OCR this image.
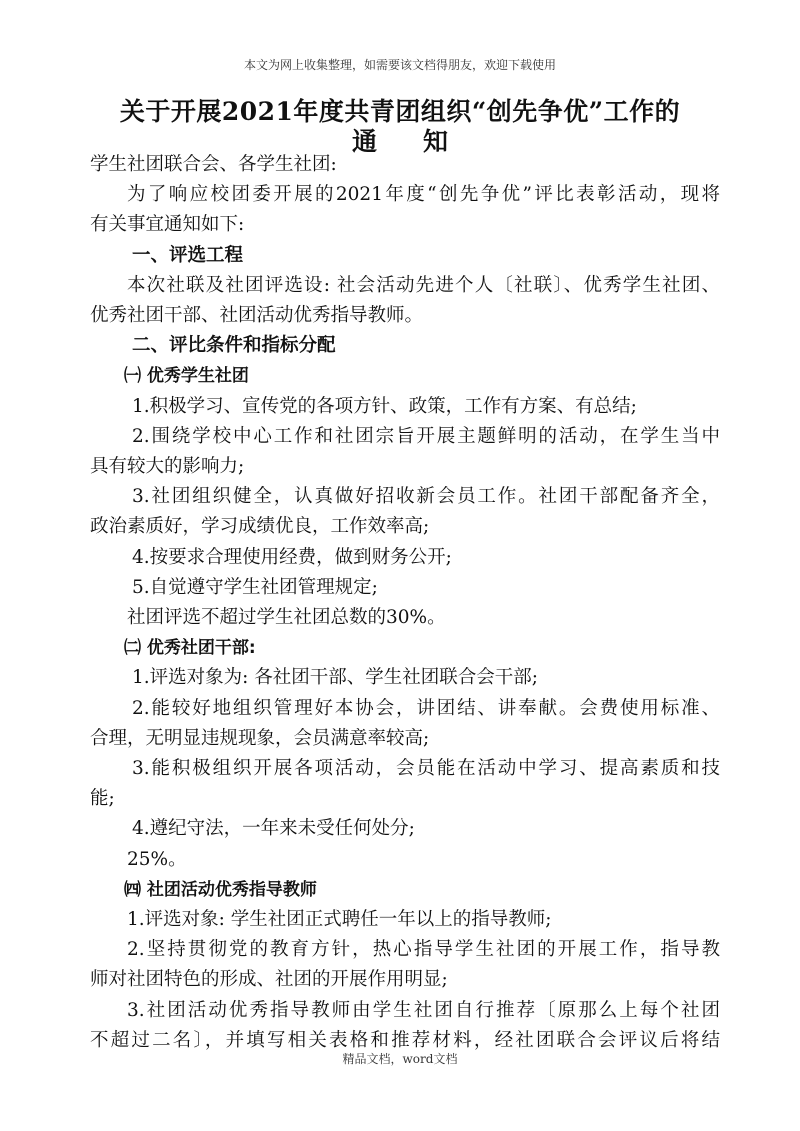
本文为网上收集整理，如需要该文档得朋友，欢迎下载使用
关于开展2021年度共青团组织“创先争优”工作的
通知

学生社团联合会、各学生社团:

为了响应校团委开展的2021年度“创先争优”评比表彰活动，现将

有关事宜通知如下:

一、评选工程

本次社联及社团评选设: 社会活动先进个人〔社联〕、优秀学生社团、

优秀社团干部、社团活动优秀指导教师。

二、评比条件和指标分配

㈠ 优秀学生社团

1.积极学习、宣传党的各项方针、政策，工作有方案、有总结;

2.围绕学校中心工作和社团宗旨开展主题鲜明的活动，在学生当中

具有较大的影响力;

3.社团组织健全，认真做好招收新会员工作。社团干部配备齐全，

政治素质好，学习成绩优良，工作效率高;

4.按要求合理使用经费，做到财务公开;

5.自觉遵守学生社团管理规定;

社团评选不超过学生社团总数的30%。

㈡ 优秀社团干部:

1.评选对象为: 各社团干部、学生社团联合会干部;

2.能较好地组织管理好本协会，讲团结、讲奉献。会费使用标准、

合理，无明显违规现象，会员满意率较高;

3.能积极组织开展各项活动，会员能在活动中学习、提高素质和技

能;

4.遵纪守法，一年来未受任何处分;

25%。

㈣ 社团活动优秀指导教师

1.评选对象: 学生社团正式聘任一年以上的指导教师;

2.坚持贯彻党的教育方针，热心指导学生社团的开展工作，指导教

师对社团特色的形成、社团的开展作用明显;

3.社团活动优秀指导教师由学生社团自行推荐〔原那么上每个社团

不超过二名〕，并填写相关表格和推荐材料，经社团联合会评议后将结

精品文档，word文档
